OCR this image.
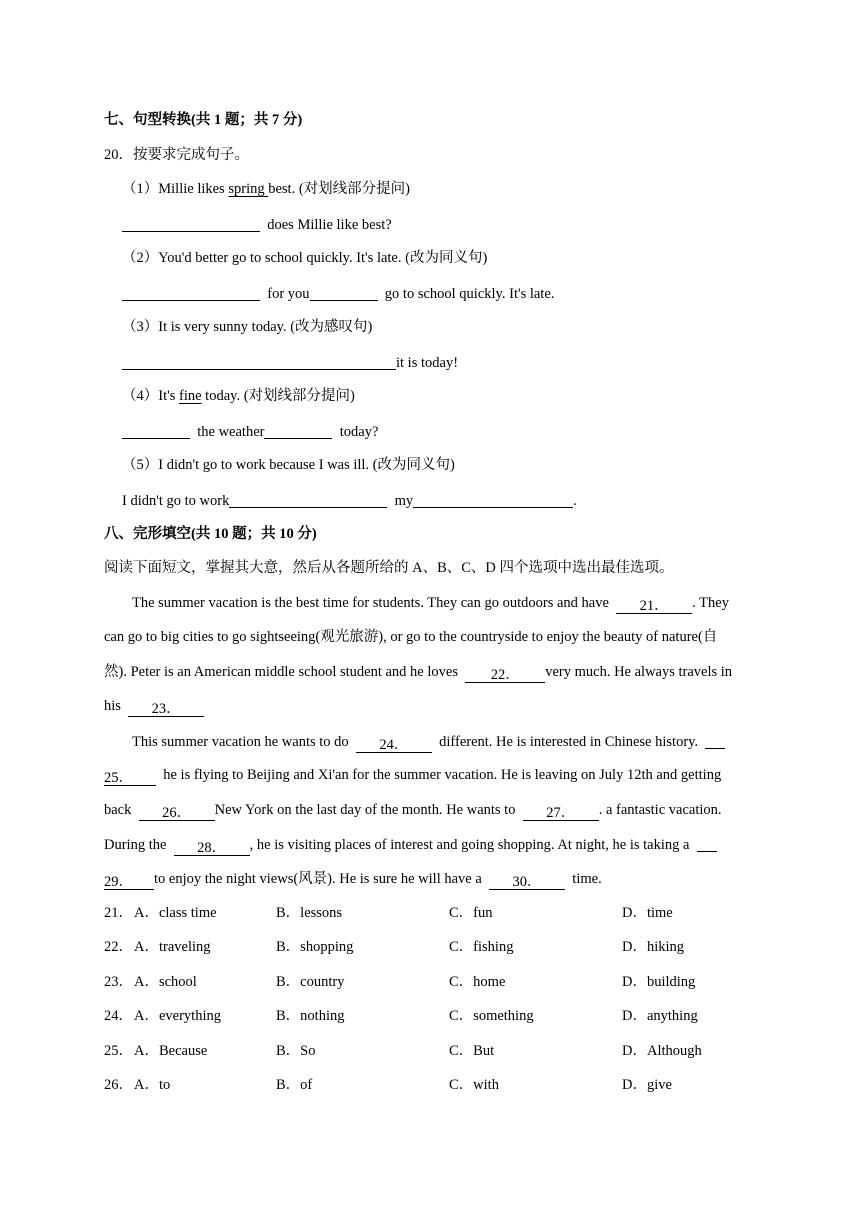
七、句型转换(共 1 题；共 7 分)
20．按要求完成句子。
（1）Millie likes spring best. (对划线部分提问)
does Millie like best?
（2）You'd better go to school quickly. It's late. (改为同义句)
for you	go to school quickly. It's late.
（3）It is very sunny today. (改为感叹句)
it is today!
（4）It's fine today. (对划线部分提问)
the weather	today?
（5）I didn't go to work because I was ill. (改为同义句)
I didn't go to work	my	.
八、完形填空(共 10 题；共 10 分)
阅读下面短文，掌握其大意，然后从各题所给的 A、B、C、D 四个选项中选出最佳选项。
The summer vacation is the best time for students. They can go outdoors and have 21． . They
can go to big cities to go sightseeing(观光旅游), or go to the countryside to enjoy the beauty of nature(自
然). Peter is an American middle school student and he loves 22． very much. He always travels in
his 23．
This summer vacation he wants to do 24． different. He is interested in Chinese history.
25． he is flying to Beijing and Xi'an for the summer vacation. He is leaving on July 12th and getting
back 26． New York on the last day of the month. He wants to 27． . a fantastic vacation.
During the 28． , he is visiting places of interest and going shopping. At night, he is taking a
29． to enjoy the night views(风景). He is sure he will have a 30． time.
21． A．class time	B．lessons	C．fun	D．time
22． A．traveling	B．shopping	C．fishing	D．hiking
23． A．school	B．country	C．home	D．building
24． A．everything	B．nothing	C．something	D．anything
25． A．Because	B．So	C．But	D．Although
26． A．to	B．of	C．with	D．give
